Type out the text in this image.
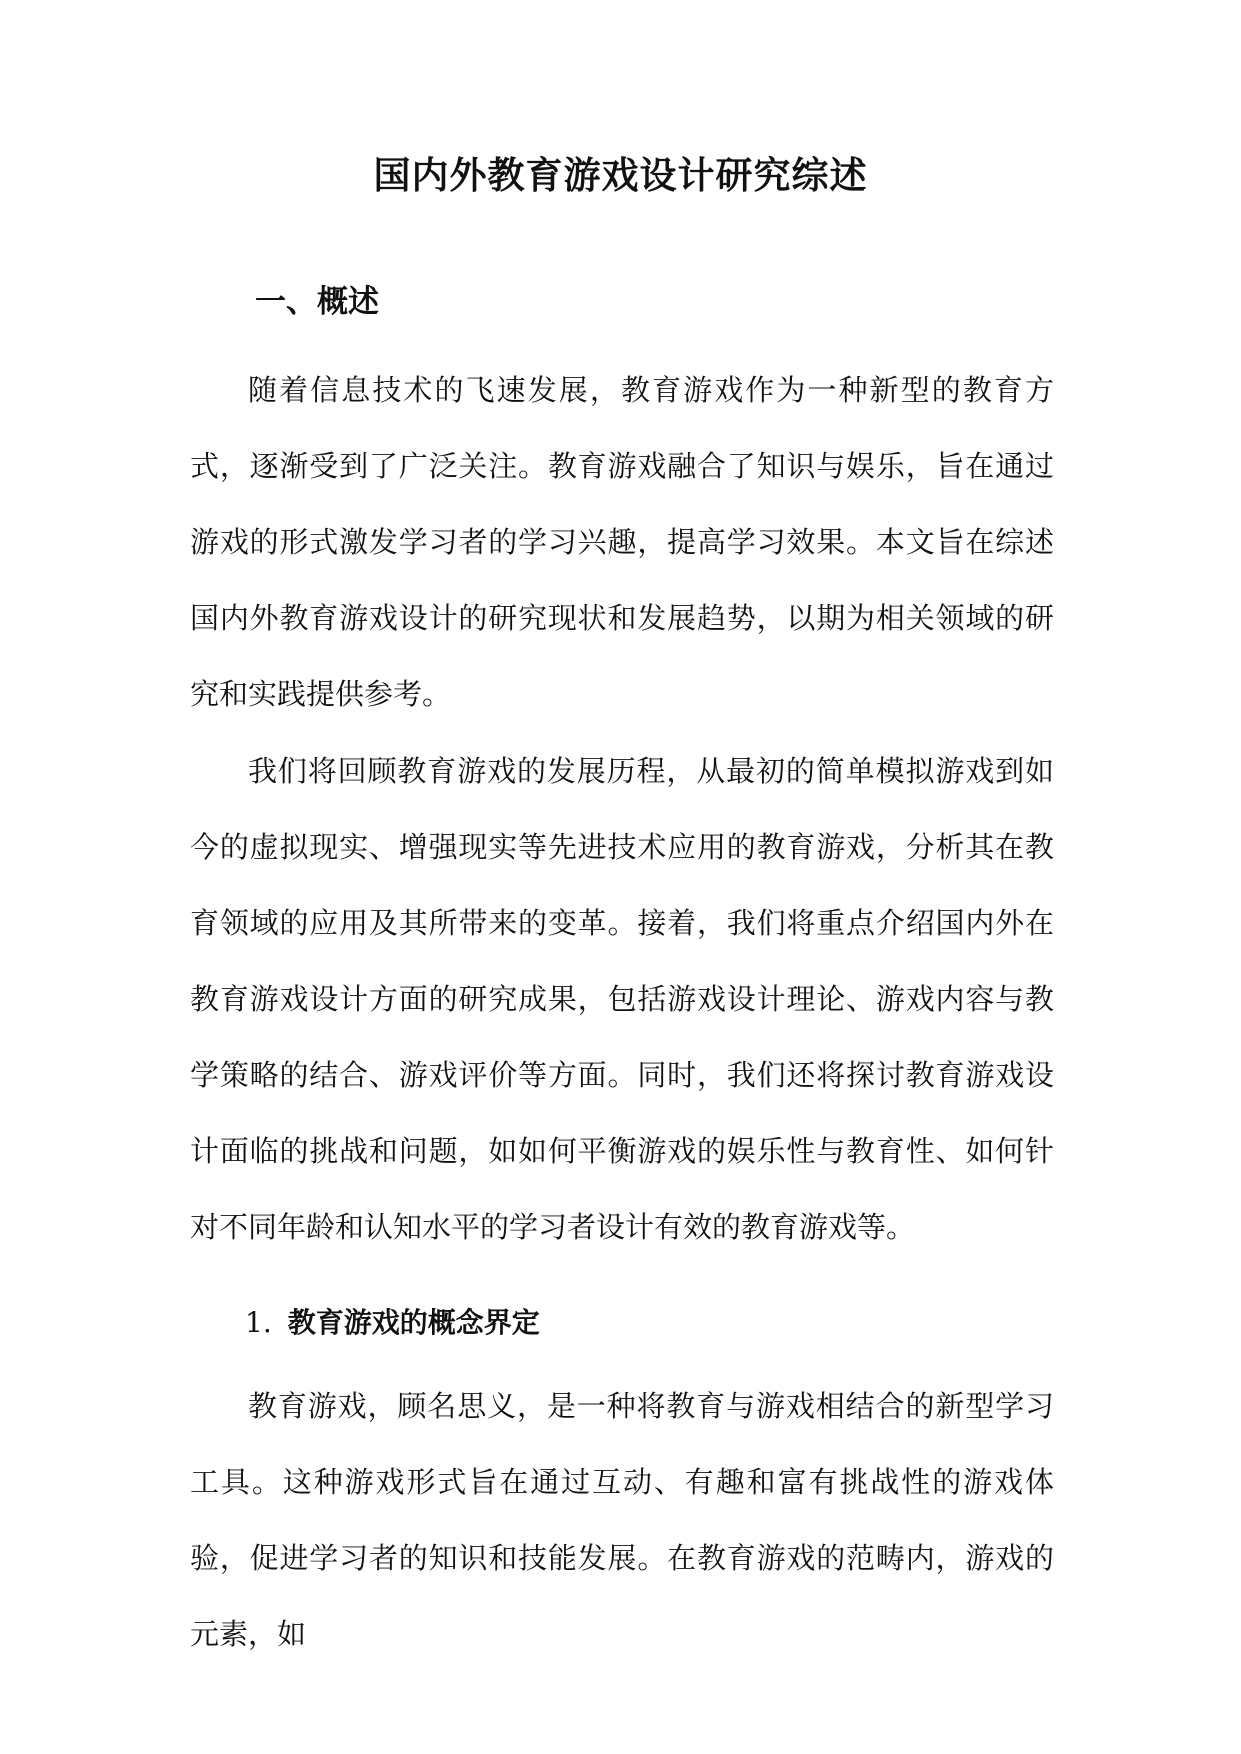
国内外教育游戏设计研究综述
一、概述

随着信息技术的飞速发展，教育游戏作为一种新型的教育方式，逐渐受到了广泛关注。教育游戏融合了知识与娱乐，旨在通过游戏的形式激发学习者的学习兴趣，提高学习效果。本文旨在综述国内外教育游戏设计的研究现状和发展趋势，以期为相关领域的研究和实践提供参考。

我们将回顾教育游戏的发展历程，从最初的简单模拟游戏到如今的虚拟现实、增强现实等先进技术应用的教育游戏，分析其在教育领域的应用及其所带来的变革。接着，我们将重点介绍国内外在教育游戏设计方面的研究成果，包括游戏设计理论、游戏内容与教学策略的结合、游戏评价等方面。同时，我们还将探讨教育游戏设计面临的挑战和问题，如如何平衡游戏的娱乐性与教育性、如何针对不同年龄和认知水平的学习者设计有效的教育游戏等。

1. 教育游戏的概念界定

教育游戏，顾名思义，是一种将教育与游戏相结合的新型学习工具。这种游戏形式旨在通过互动、有趣和富有挑战性的游戏体验，促进学习者的知识和技能发展。在教育游戏的范畴内，游戏的元素，如
